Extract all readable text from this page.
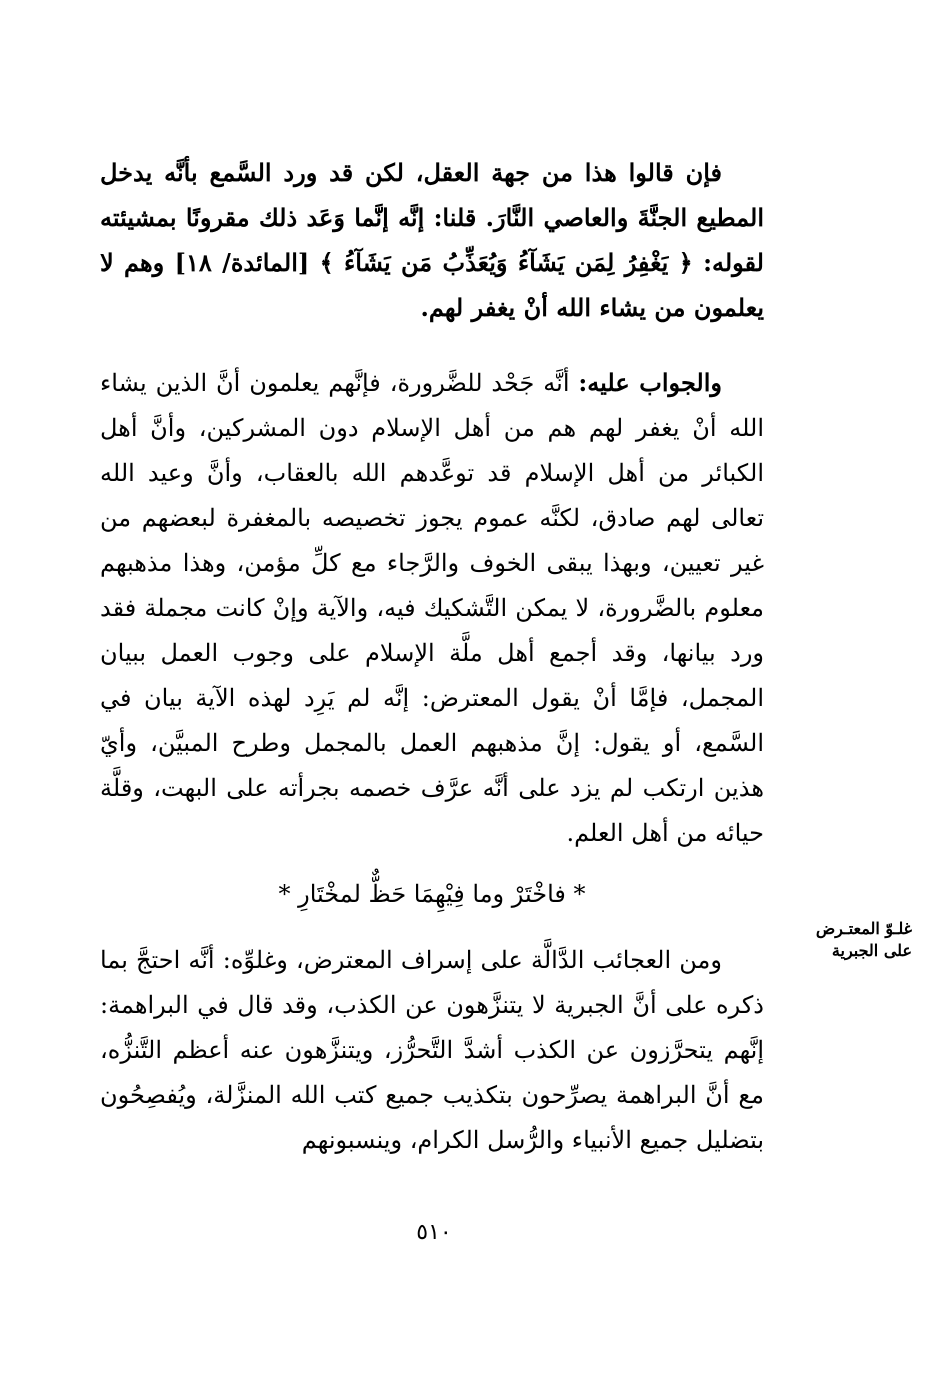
فإن قالوا هذا من جهة العقل، لكن قد ورد السَّمع بأنَّه يدخل المطيع الجنَّةَ والعاصي النَّارَ. قلنا: إنَّه إنَّما وَعَد ذلك مقرونًا بمشيئته لقوله: ﴿ يَغْفِرُ لِمَن يَشَآءُ وَيُعَذِّبُ مَن يَشَآءُ ﴾ [المائدة/ ١٨] وهم لا يعلمون من يشاء الله أنْ يغفر لهم.

والجواب عليه: أنَّه جَحْد للضَّرورة، فإنَّهم يعلمون أنَّ الذين يشاء الله أنْ يغفر لهم هم من أهل الإسلام دون المشركين، وأنَّ أهل الكبائر من أهل الإسلام قد توعَّدهم الله بالعقاب، وأنَّ وعيد الله تعالى لهم صادق، لكنَّه عموم يجوز تخصيصه بالمغفرة لبعضهم من غير تعيين، وبهذا يبقى الخوف والرَّجاء مع كلِّ مؤمن، وهذا مذهبهم معلوم بالضَّرورة، لا يمكن التَّشكيك فيه، والآية وإنْ كانت مجملة فقد ورد بيانها، وقد أجمع أهل ملَّة الإسلام على وجوب العمل ببيان المجمل، فإمَّا أنْ يقول المعترض: إنَّه لم يَرِد لهذه الآية بيان في السَّمع، أو يقول: إنَّ مذهبهم العمل بالمجمل وطرح المبيَّن، وأيّ هذين ارتكب لم يزد على أنَّه عرَّف خصمه بجرأته على البهت، وقلَّة حيائه من أهل العلم.

* فاخْتَرْ وما فِيْهِمَا حَظٌّ لمخْتَارِ *
غلـوّ المعتـرض
على الجبرية

ومن العجائب الدَّالَّة على إسراف المعترض، وغلوِّه: أنَّه احتجَّ بما ذكره على أنَّ الجبرية لا يتنزَّهون عن الكذب، وقد قال في البراهمة: إنَّهم يتحرَّزون عن الكذب أشدَّ التَّحرُّز، ويتنزَّهون عنه أعظم التَّنزُّه، مع أنَّ البراهمة يصرِّحون بتكذيب جميع كتب الله المنزَّلة، ويُفصِحُون بتضليل جميع الأنبياء والرُّسل الكرام، وينسبونهم

٥١٠
